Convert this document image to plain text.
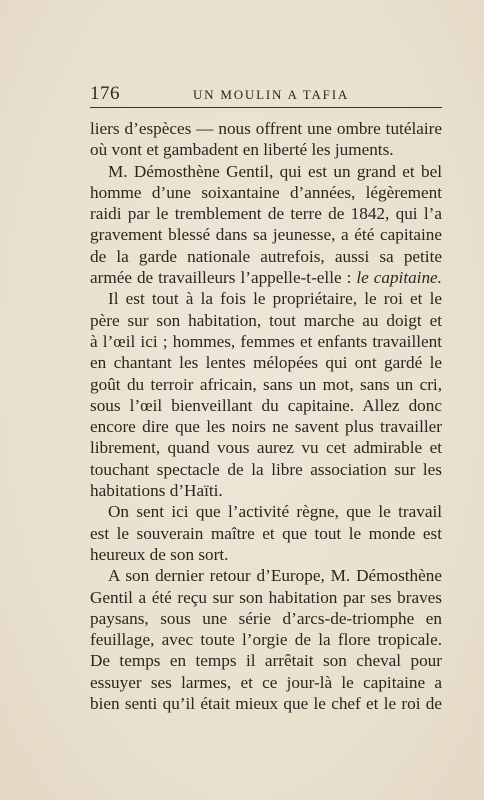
176	UN MOULIN A TAFIA
liers d’espèces — nous offrent une ombre tutélaire
où vont et gambadent en liberté les juments.
M. Démosthène Gentil, qui est un grand et bel
homme d’une soixantaine d’années, légèrement
raidi par le tremblement de terre de 1842, qui l’a
gravement blessé dans sa jeunesse, a été capitaine
de la garde nationale autrefois, aussi sa petite
armée de travailleurs l’appelle-t-elle : le capitaine.
Il est tout à la fois le propriétaire, le roi et le
père sur son habitation, tout marche au doigt et
à l’œil ici ; hommes, femmes et enfants travaillent
en chantant les lentes mélopées qui ont gardé le
goût du terroir africain, sans un mot, sans un cri,
sous l’œil bienveillant du capitaine. Allez donc
encore dire que les noirs ne savent plus travailler
librement, quand vous aurez vu cet admirable et
touchant spectacle de la libre association sur les
habitations d’Haïti.
On sent ici que l’activité règne, que le travail
est le souverain maître et que tout le monde est
heureux de son sort.
A son dernier retour d’Europe, M. Démosthène
Gentil a été reçu sur son habitation par ses braves
paysans, sous une série d’arcs-de-triomphe en
feuillage, avec toute l’orgie de la flore tropicale.
De temps en temps il arrêtait son cheval pour
essuyer ses larmes, et ce jour-là le capitaine a
bien senti qu’il était mieux que le chef et le roi de
